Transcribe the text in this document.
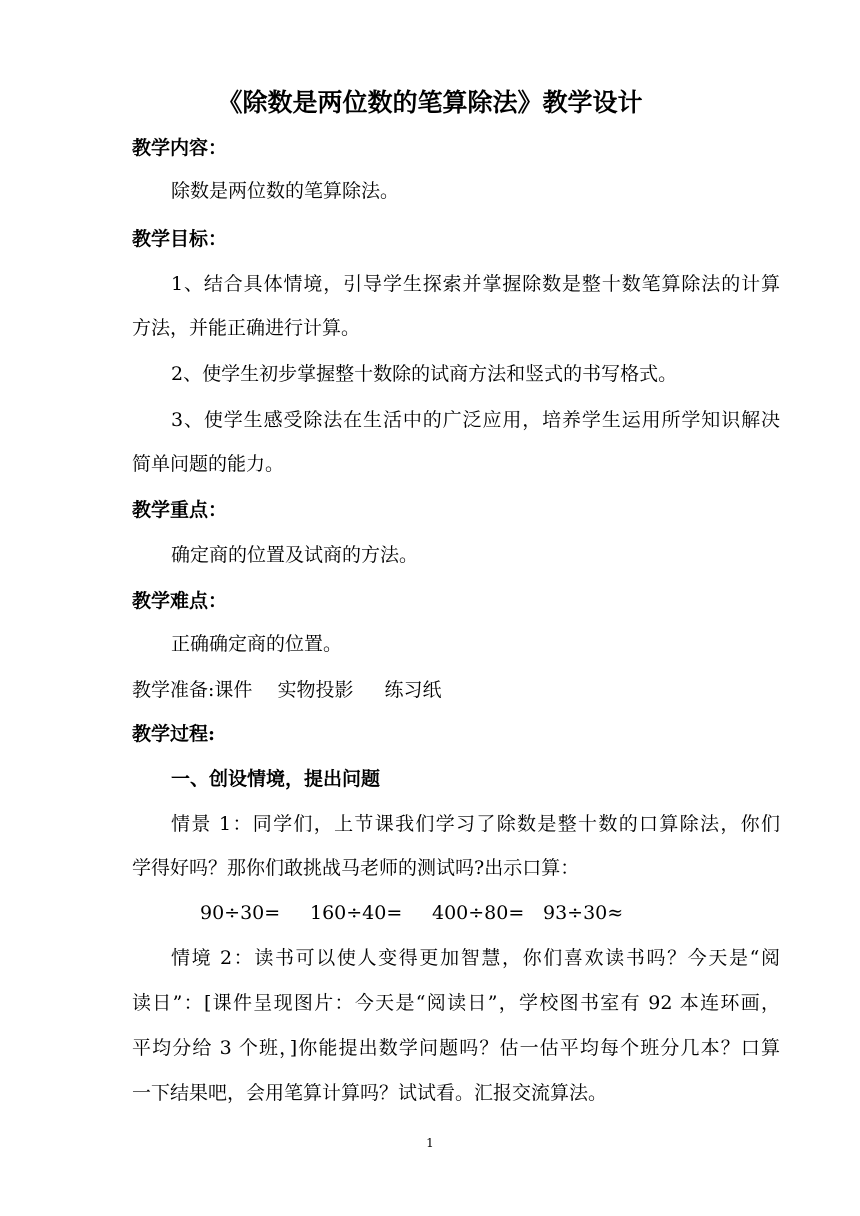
《除数是两位数的笔算除法》教学设计
教学内容：
除数是两位数的笔算除法。
教学目标：
1、结合具体情境，引导学生探索并掌握除数是整十数笔算除法的计算
方法，并能正确进行计算。
2、使学生初步掌握整十数除的试商方法和竖式的书写格式。
3、使学生感受除法在生活中的广泛应用，培养学生运用所学知识解决
简单问题的能力。
教学重点：
确定商的位置及试商的方法。
教学难点：
正确确定商的位置。
教学准备:课件　 实物投影 　 练习纸
教学过程:
一、创设情境，提出问题
情景 1：同学们，上节课我们学习了除数是整十数的口算除法，你们
学得好吗？那你们敢挑战马老师的测试吗?出示口算：
90÷30=	160÷40=	400÷80= 93÷30≈
情境 2：读书可以使人变得更加智慧，你们喜欢读书吗？今天是“阅
读日”：[课件呈现图片：今天是“阅读日”，学校图书室有 92 本连环画，
平均分给 3 个班，]你能提出数学问题吗？估一估平均每个班分几本？口算
一下结果吧，会用笔算计算吗？试试看。汇报交流算法。
1
